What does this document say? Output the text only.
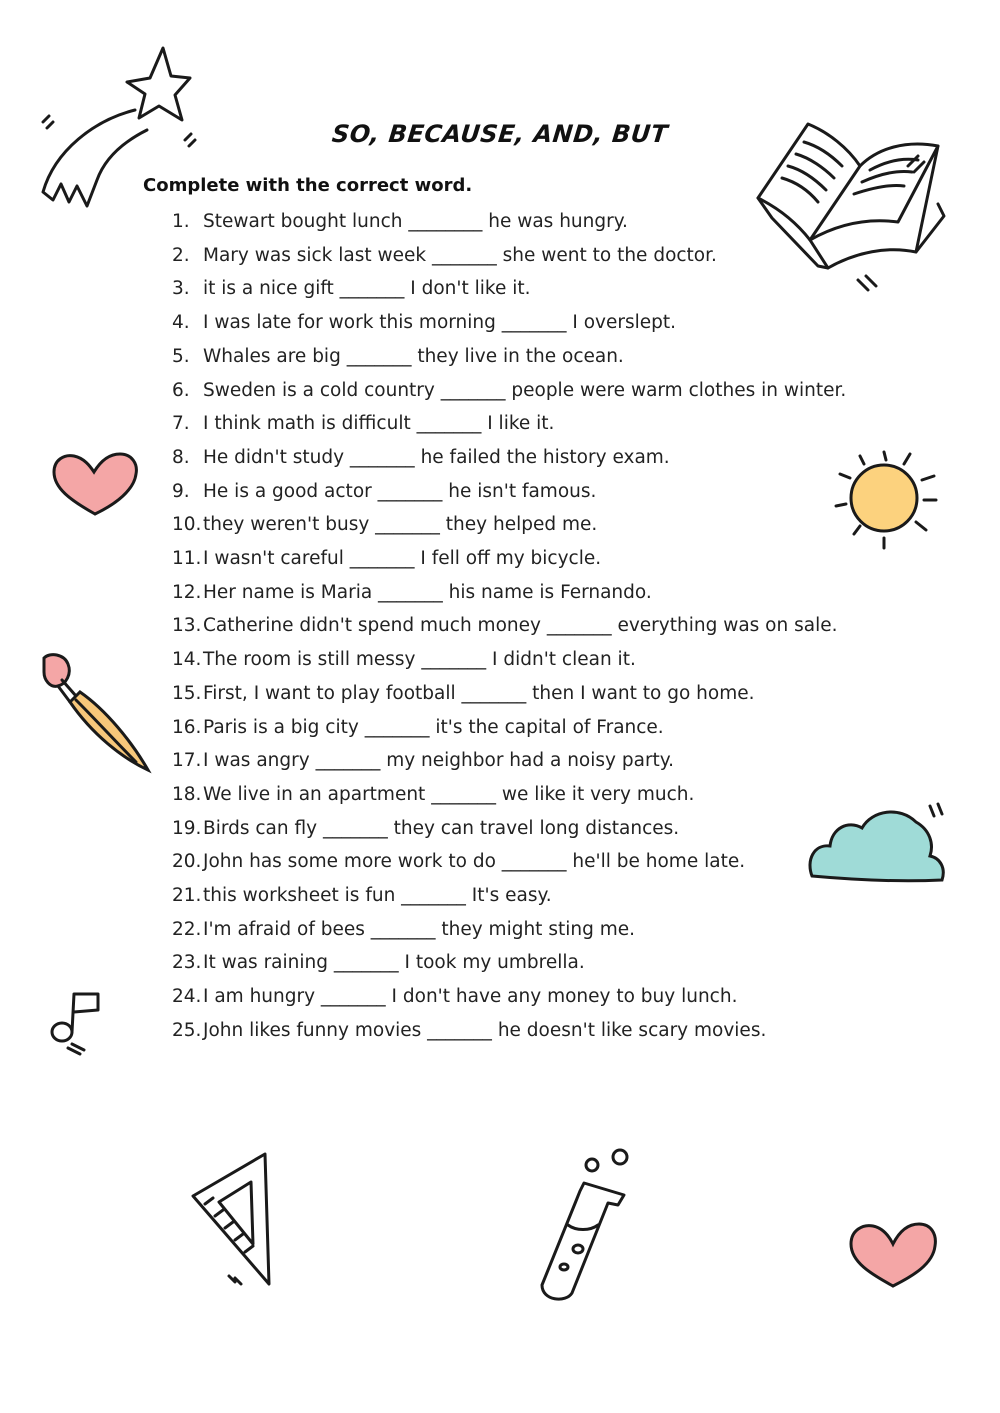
SO, BECAUSE, AND, BUT
Complete with the correct word.
1. Stewart bought lunch ________ he was hungry.
2. Mary was sick last week _______ she went to the doctor.
3. it is a nice gift _______ I don't like it.
4. I was late for work this morning _______ I overslept.
5. Whales are big _______ they live in the ocean.
6. Sweden is a cold country _______ people were warm clothes in winter.
7. I think math is difficult _______ I like it.
8. He didn't study _______ he failed the history exam.
9. He is a good actor _______ he isn't famous.
10. they weren't busy _______ they helped me.
11. I wasn't careful _______ I fell off my bicycle.
12. Her name is Maria _______ his name is Fernando.
13. Catherine didn't spend much money _______ everything was on sale.
14. The room is still messy _______ I didn't clean it.
15. First, I want to play football _______ then I want to go home.
16. Paris is a big city _______ it's the capital of France.
17. I was angry _______ my neighbor had a noisy party.
18. We live in an apartment _______ we like it very much.
19. Birds can fly _______ they can travel long distances.
20. John has some more work to do _______ he'll be home late.
21. this worksheet is fun _______ It's easy.
22. I'm afraid of bees _______ they might sting me.
23. It was raining _______ I took my umbrella.
24. I am hungry _______ I don't have any money to buy lunch.
25. John likes funny movies _______ he doesn't like scary movies.
